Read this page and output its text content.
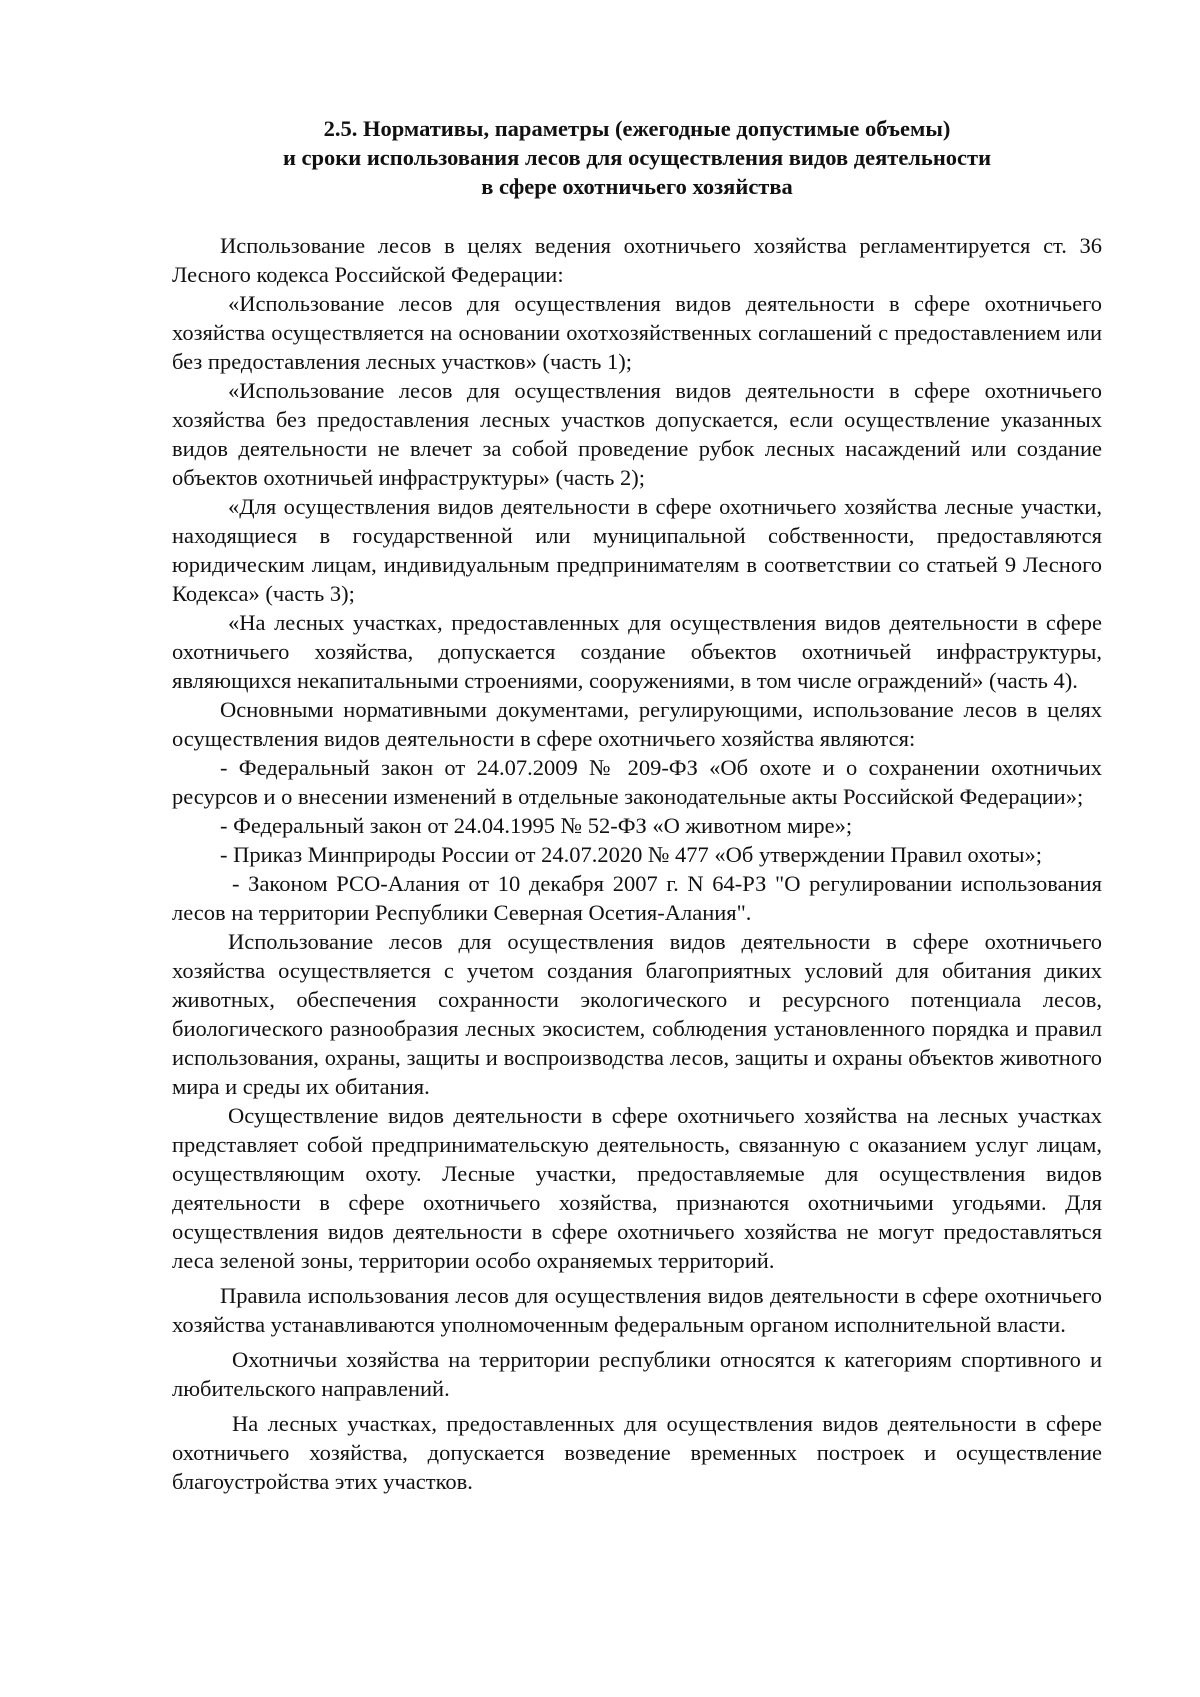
2.5. Нормативы, параметры (ежегодные допустимые объемы)
и сроки использования лесов для осуществления видов деятельности
в сфере охотничьего хозяйства

Использование лесов в целях ведения охотничьего хозяйства регламентируется ст. 36 Лесного кодекса Российской Федерации:

«Использование лесов для осуществления видов деятельности в сфере охотничьего хозяйства осуществляется на основании охотхозяйственных соглашений с предоставлением или без предоставления лесных участков» (часть 1);

«Использование лесов для осуществления видов деятельности в сфере охотничьего хозяйства без предоставления лесных участков допускается, если осуществление указанных видов деятельности не влечет за собой проведение рубок лесных насаждений или создание объектов охотничьей инфраструктуры» (часть 2);

«Для осуществления видов деятельности в сфере охотничьего хозяйства лесные участки, находящиеся в государственной или муниципальной собственности, предоставляются юридическим лицам, индивидуальным предпринимателям в соответствии со статьей 9 Лесного Кодекса» (часть 3);

«На лесных участках, предоставленных для осуществления видов деятельности в сфере охотничьего хозяйства, допускается создание объектов охотничьей инфраструктуры, являющихся некапитальными строениями, сооружениями, в том числе ограждений» (часть 4).

Основными нормативными документами, регулирующими, использование лесов в целях осуществления видов деятельности в сфере охотничьего хозяйства являются:

- Федеральный закон от 24.07.2009 № 209-ФЗ «Об охоте и о сохранении охотничьих ресурсов и о внесении изменений в отдельные законодательные акты Российской Федерации»;

- Федеральный закон от 24.04.1995 № 52-ФЗ «О животном мире»;

- Приказ Минприроды России от 24.07.2020 № 477 «Об утверждении Правил охоты»;

- Законом РСО-Алания от 10 декабря 2007 г. N 64-РЗ "О регулировании использования лесов на территории Республики Северная Осетия-Алания".

Использование лесов для осуществления видов деятельности в сфере охотничьего хозяйства осуществляется с учетом создания благоприятных условий для обитания диких животных, обеспечения сохранности экологического и ресурсного потенциала лесов, биологического разнообразия лесных экосистем, соблюдения установленного порядка и правил использования, охраны, защиты и воспроизводства лесов, защиты и охраны объектов животного мира и среды их обитания.

Осуществление видов деятельности в сфере охотничьего хозяйства на лесных участках представляет собой предпринимательскую деятельность, связанную с оказанием услуг лицам, осуществляющим охоту. Лесные участки, предоставляемые для осуществления видов деятельности в сфере охотничьего хозяйства, признаются охотничьими угодьями. Для осуществления видов деятельности в сфере охотничьего хозяйства не могут предоставляться леса зеленой зоны, территории особо охраняемых территорий.

Правила использования лесов для осуществления видов деятельности в сфере охотничьего хозяйства устанавливаются уполномоченным федеральным органом исполнительной власти.

Охотничьи хозяйства на территории республики относятся к категориям спортивного и любительского направлений.

На лесных участках, предоставленных для осуществления видов деятельности в сфере охотничьего хозяйства, допускается возведение временных построек и осуществление благоустройства этих участков.
